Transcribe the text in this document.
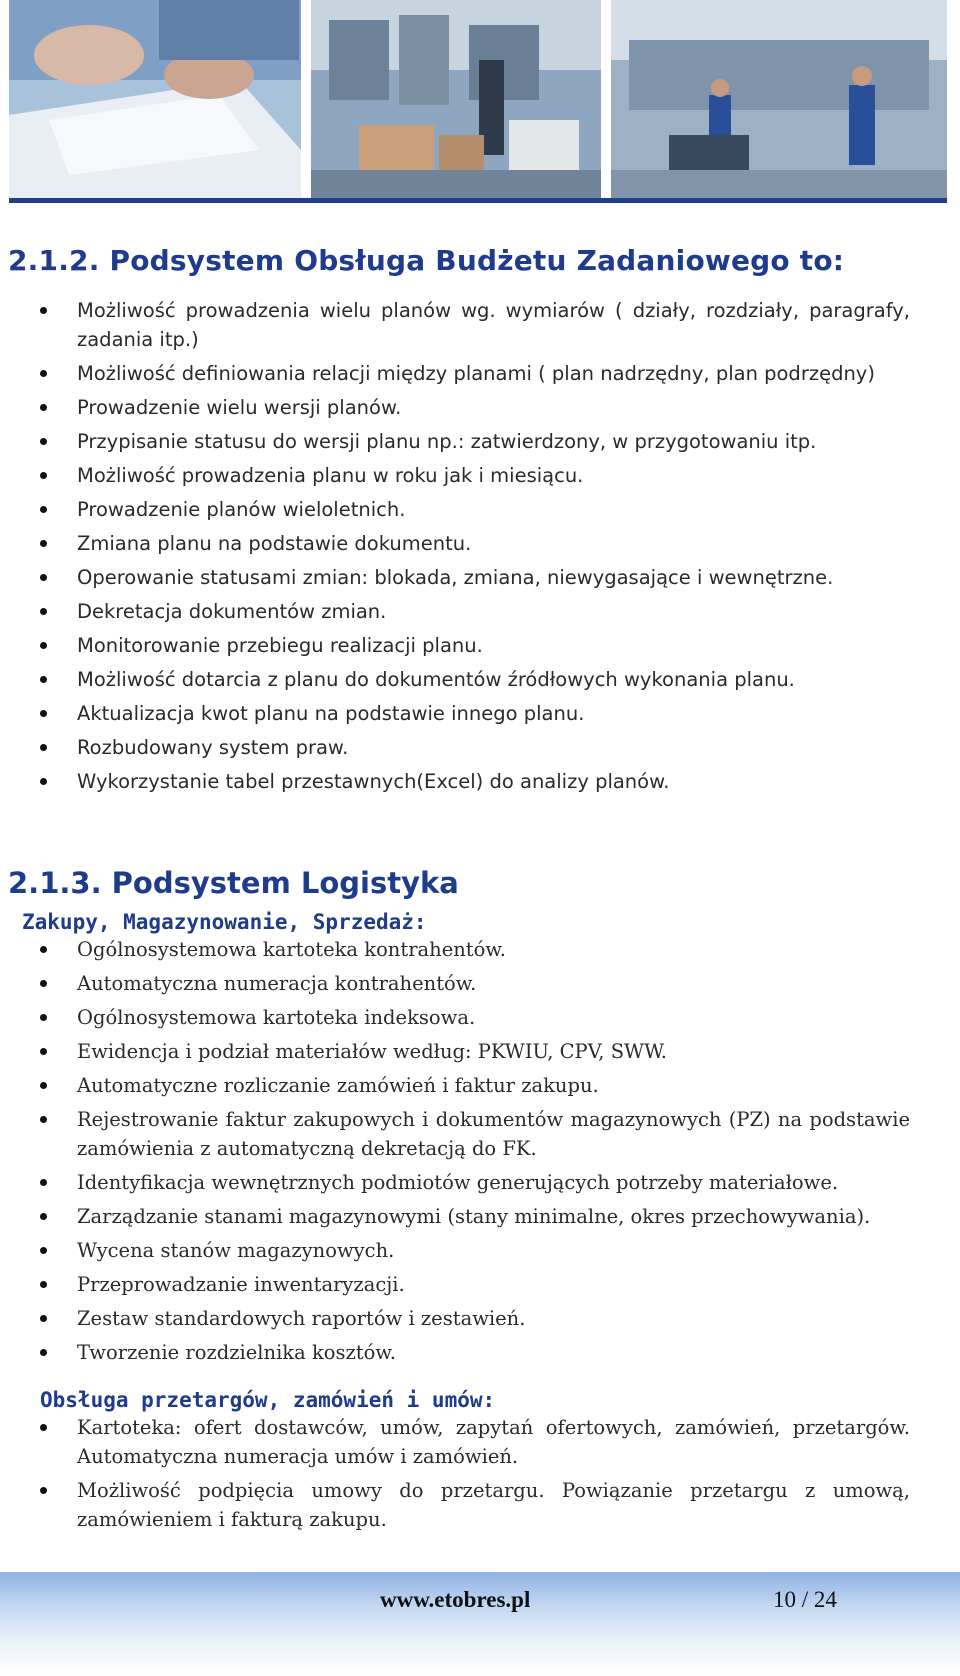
2.1.2. Podsystem Obsługa Budżetu Zadaniowego to:
Możliwość prowadzenia wielu planów wg. wymiarów ( działy, rozdziały, paragrafy, zadania itp.)
Możliwość definiowania relacji między planami ( plan nadrzędny, plan podrzędny)
Prowadzenie wielu wersji planów.
Przypisanie statusu do wersji planu np.: zatwierdzony, w przygotowaniu itp.
Możliwość prowadzenia planu w roku jak i miesiącu.
Prowadzenie planów wieloletnich.
Zmiana planu na podstawie dokumentu.
Operowanie statusami zmian: blokada, zmiana, niewygasające i wewnętrzne.
Dekretacja dokumentów zmian.
Monitorowanie przebiegu realizacji planu.
Możliwość dotarcia z planu do dokumentów źródłowych wykonania planu.
Aktualizacja kwot planu na podstawie innego planu.
Rozbudowany system praw.
Wykorzystanie tabel przestawnych(Excel) do analizy planów.
2.1.3. Podsystem Logistyka
Zakupy, Magazynowanie, Sprzedaż:
Ogólnosystemowa kartoteka kontrahentów.
Automatyczna numeracja kontrahentów.
Ogólnosystemowa kartoteka indeksowa.
Ewidencja i podział materiałów według: PKWIU, CPV, SWW.
Automatyczne rozliczanie zamówień i faktur zakupu.
Rejestrowanie faktur zakupowych i dokumentów magazynowych (PZ) na podstawie zamówienia z automatyczną dekretacją do FK.
Identyfikacja wewnętrznych podmiotów generujących potrzeby materiałowe.
Zarządzanie stanami magazynowymi (stany minimalne, okres przechowywania).
Wycena stanów magazynowych.
Przeprowadzanie inwentaryzacji.
Zestaw standardowych raportów i zestawień.
Tworzenie rozdzielnika kosztów.
Obsługa przetargów, zamówień i umów:
Kartoteka: ofert dostawców, umów, zapytań ofertowych, zamówień, przetargów. Automatyczna numeracja umów i zamówień.
Możliwość podpięcia umowy do przetargu. Powiązanie przetargu z umową, zamówieniem i fakturą zakupu.
www.etobres.pl	10 / 24
